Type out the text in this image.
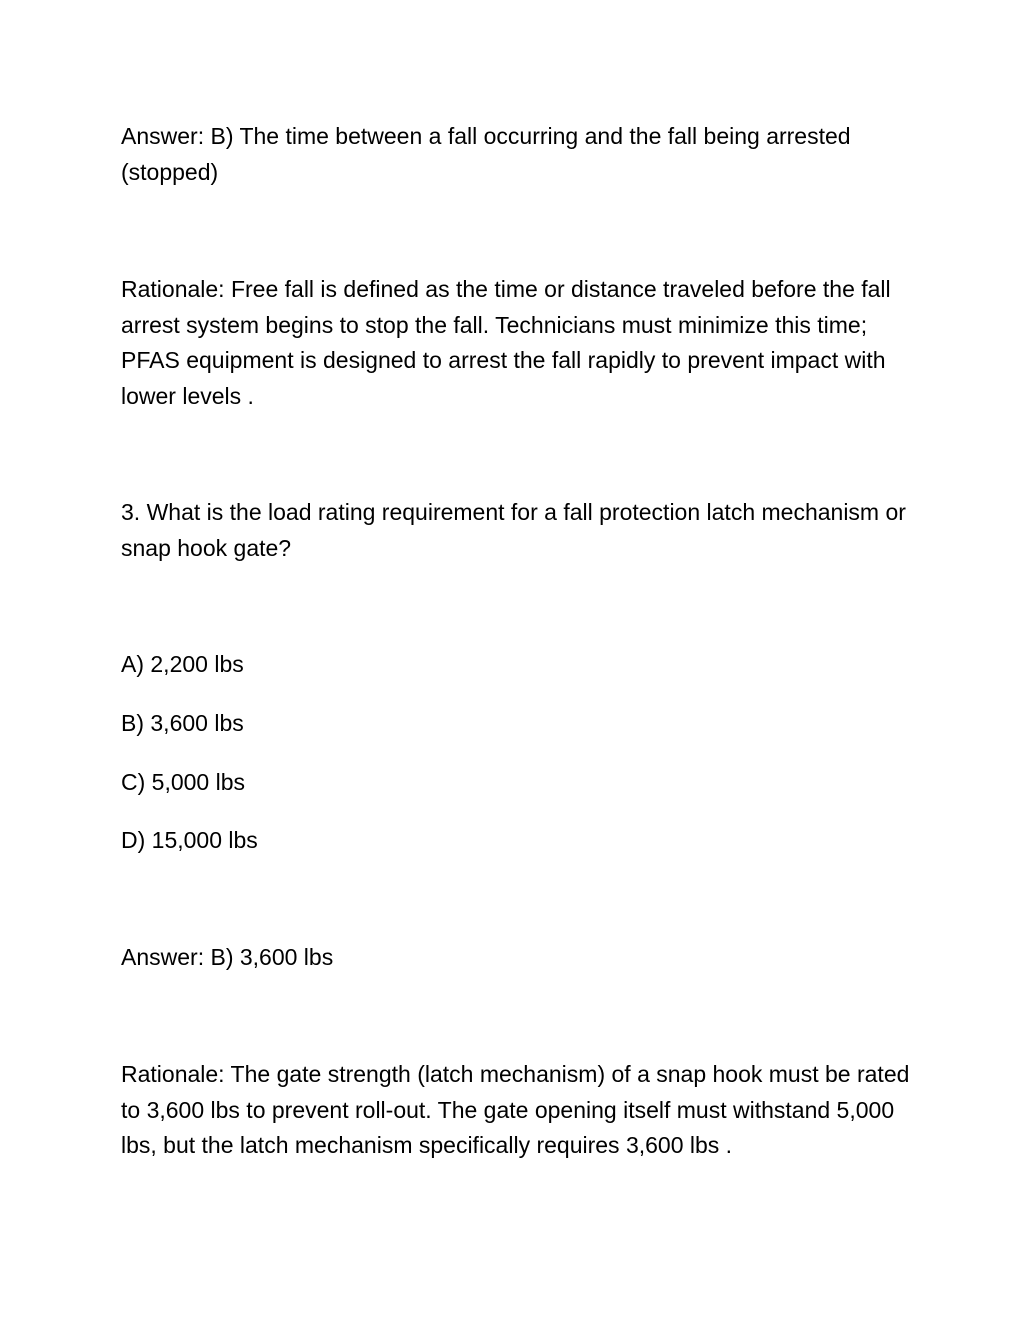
Answer: B) The time between a fall occurring and the fall being arrested (stopped)

Rationale: Free fall is defined as the time or distance traveled before the fall arrest system begins to stop the fall. Technicians must minimize this time; PFAS equipment is designed to arrest the fall rapidly to prevent impact with lower levels .

3. What is the load rating requirement for a fall protection latch mechanism or snap hook gate?

A) 2,200 lbs

B) 3,600 lbs

C) 5,000 lbs

D) 15,000 lbs

Answer: B) 3,600 lbs

Rationale: The gate strength (latch mechanism) of a snap hook must be rated to 3,600 lbs to prevent roll-out. The gate opening itself must withstand 5,000 lbs, but the latch mechanism specifically requires 3,600 lbs .
